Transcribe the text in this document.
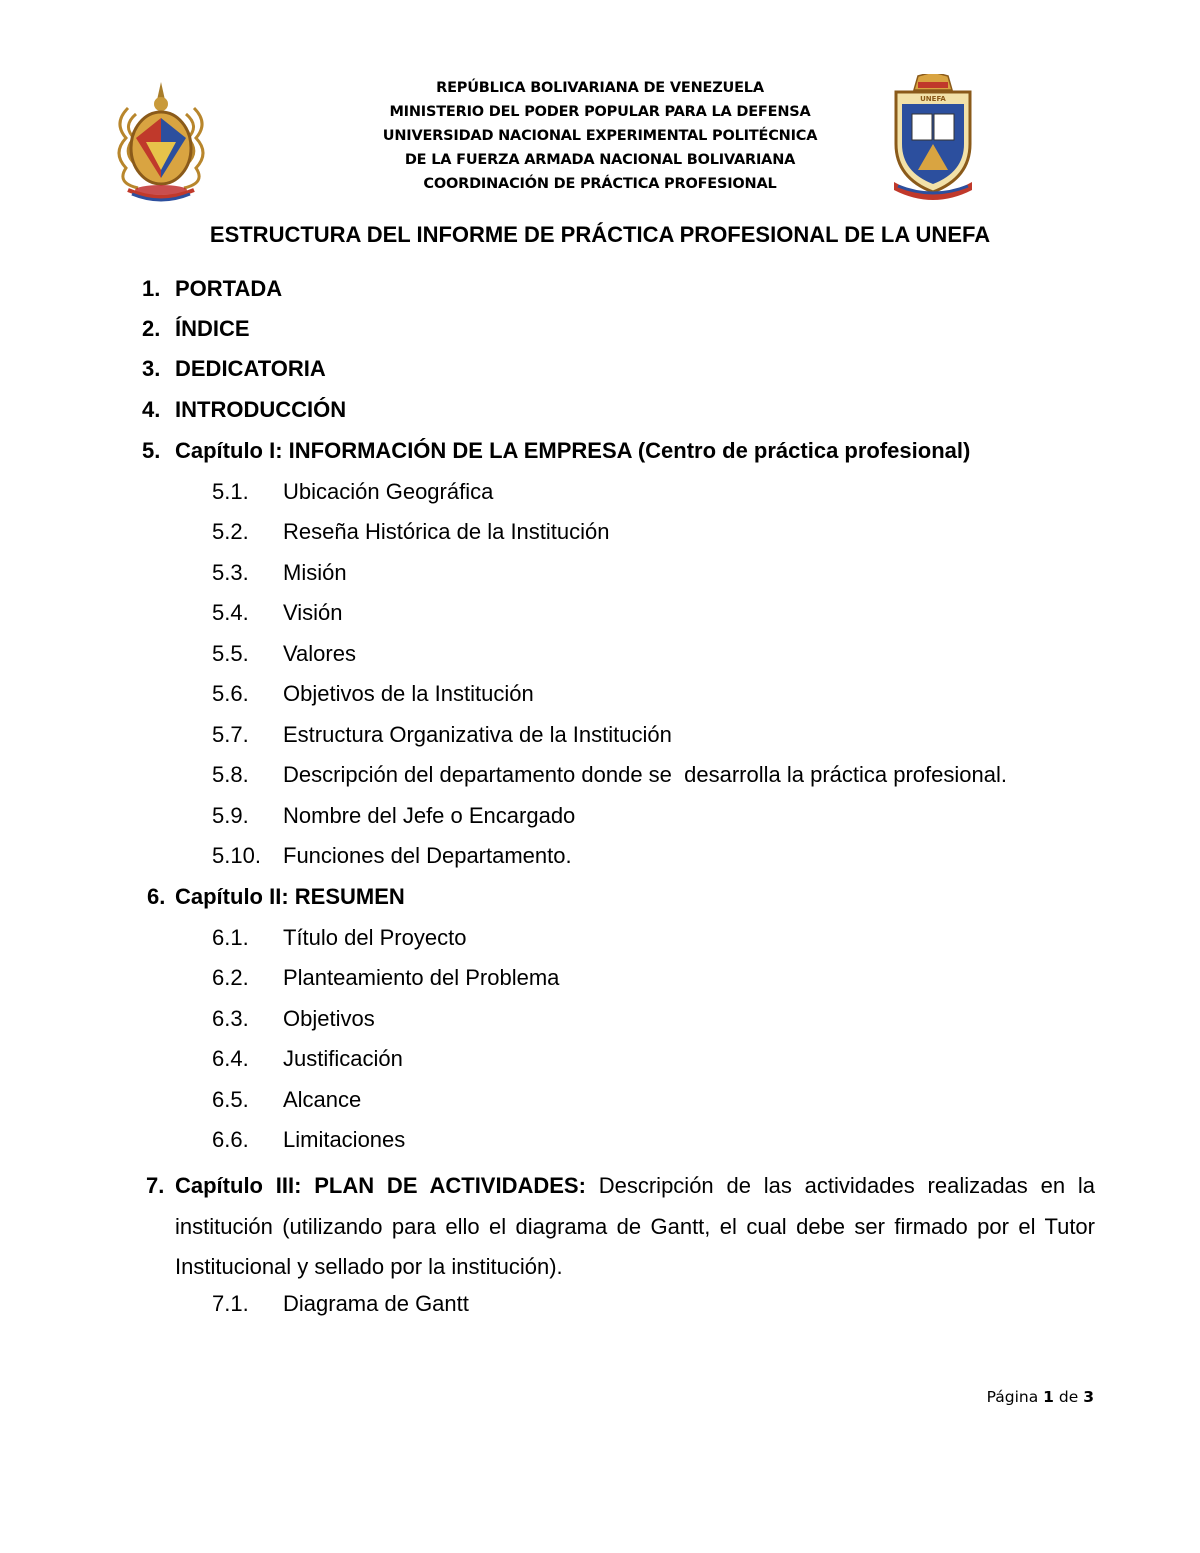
UNEFA
REPÚBLICA BOLIVARIANA DE VENEZUELA
MINISTERIO DEL PODER POPULAR PARA LA DEFENSA
UNIVERSIDAD NACIONAL EXPERIMENTAL POLITÉCNICA
DE LA FUERZA ARMADA NACIONAL BOLIVARIANA
COORDINACIÓN DE PRÁCTICA PROFESIONAL
ESTRUCTURA DEL INFORME DE PRÁCTICA PROFESIONAL DE LA UNEFA
1. PORTADA
2. ÍNDICE
3. DEDICATORIA
4. INTRODUCCIÓN
5. Capítulo I: INFORMACIÓN DE LA EMPRESA (Centro de práctica profesional)
5.1. Ubicación Geográfica
5.2. Reseña Histórica de la Institución
5.3. Misión
5.4. Visión
5.5. Valores
5.6. Objetivos de la Institución
5.7. Estructura Organizativa de la Institución
5.8. Descripción del departamento donde se  desarrolla la práctica profesional.
5.9. Nombre del Jefe o Encargado
5.10. Funciones del Departamento.
6. Capítulo II: RESUMEN
6.1. Título del Proyecto
6.2. Planteamiento del Problema
6.3. Objetivos
6.4. Justificación
6.5. Alcance
6.6. Limitaciones
7. Capítulo III: PLAN DE ACTIVIDADES: Descripción de las actividades realizadas en la institución (utilizando para ello el diagrama de Gantt, el cual debe ser firmado por el Tutor Institucional y sellado por la institución).
7.1. Diagrama de Gantt
Página 1 de 3
